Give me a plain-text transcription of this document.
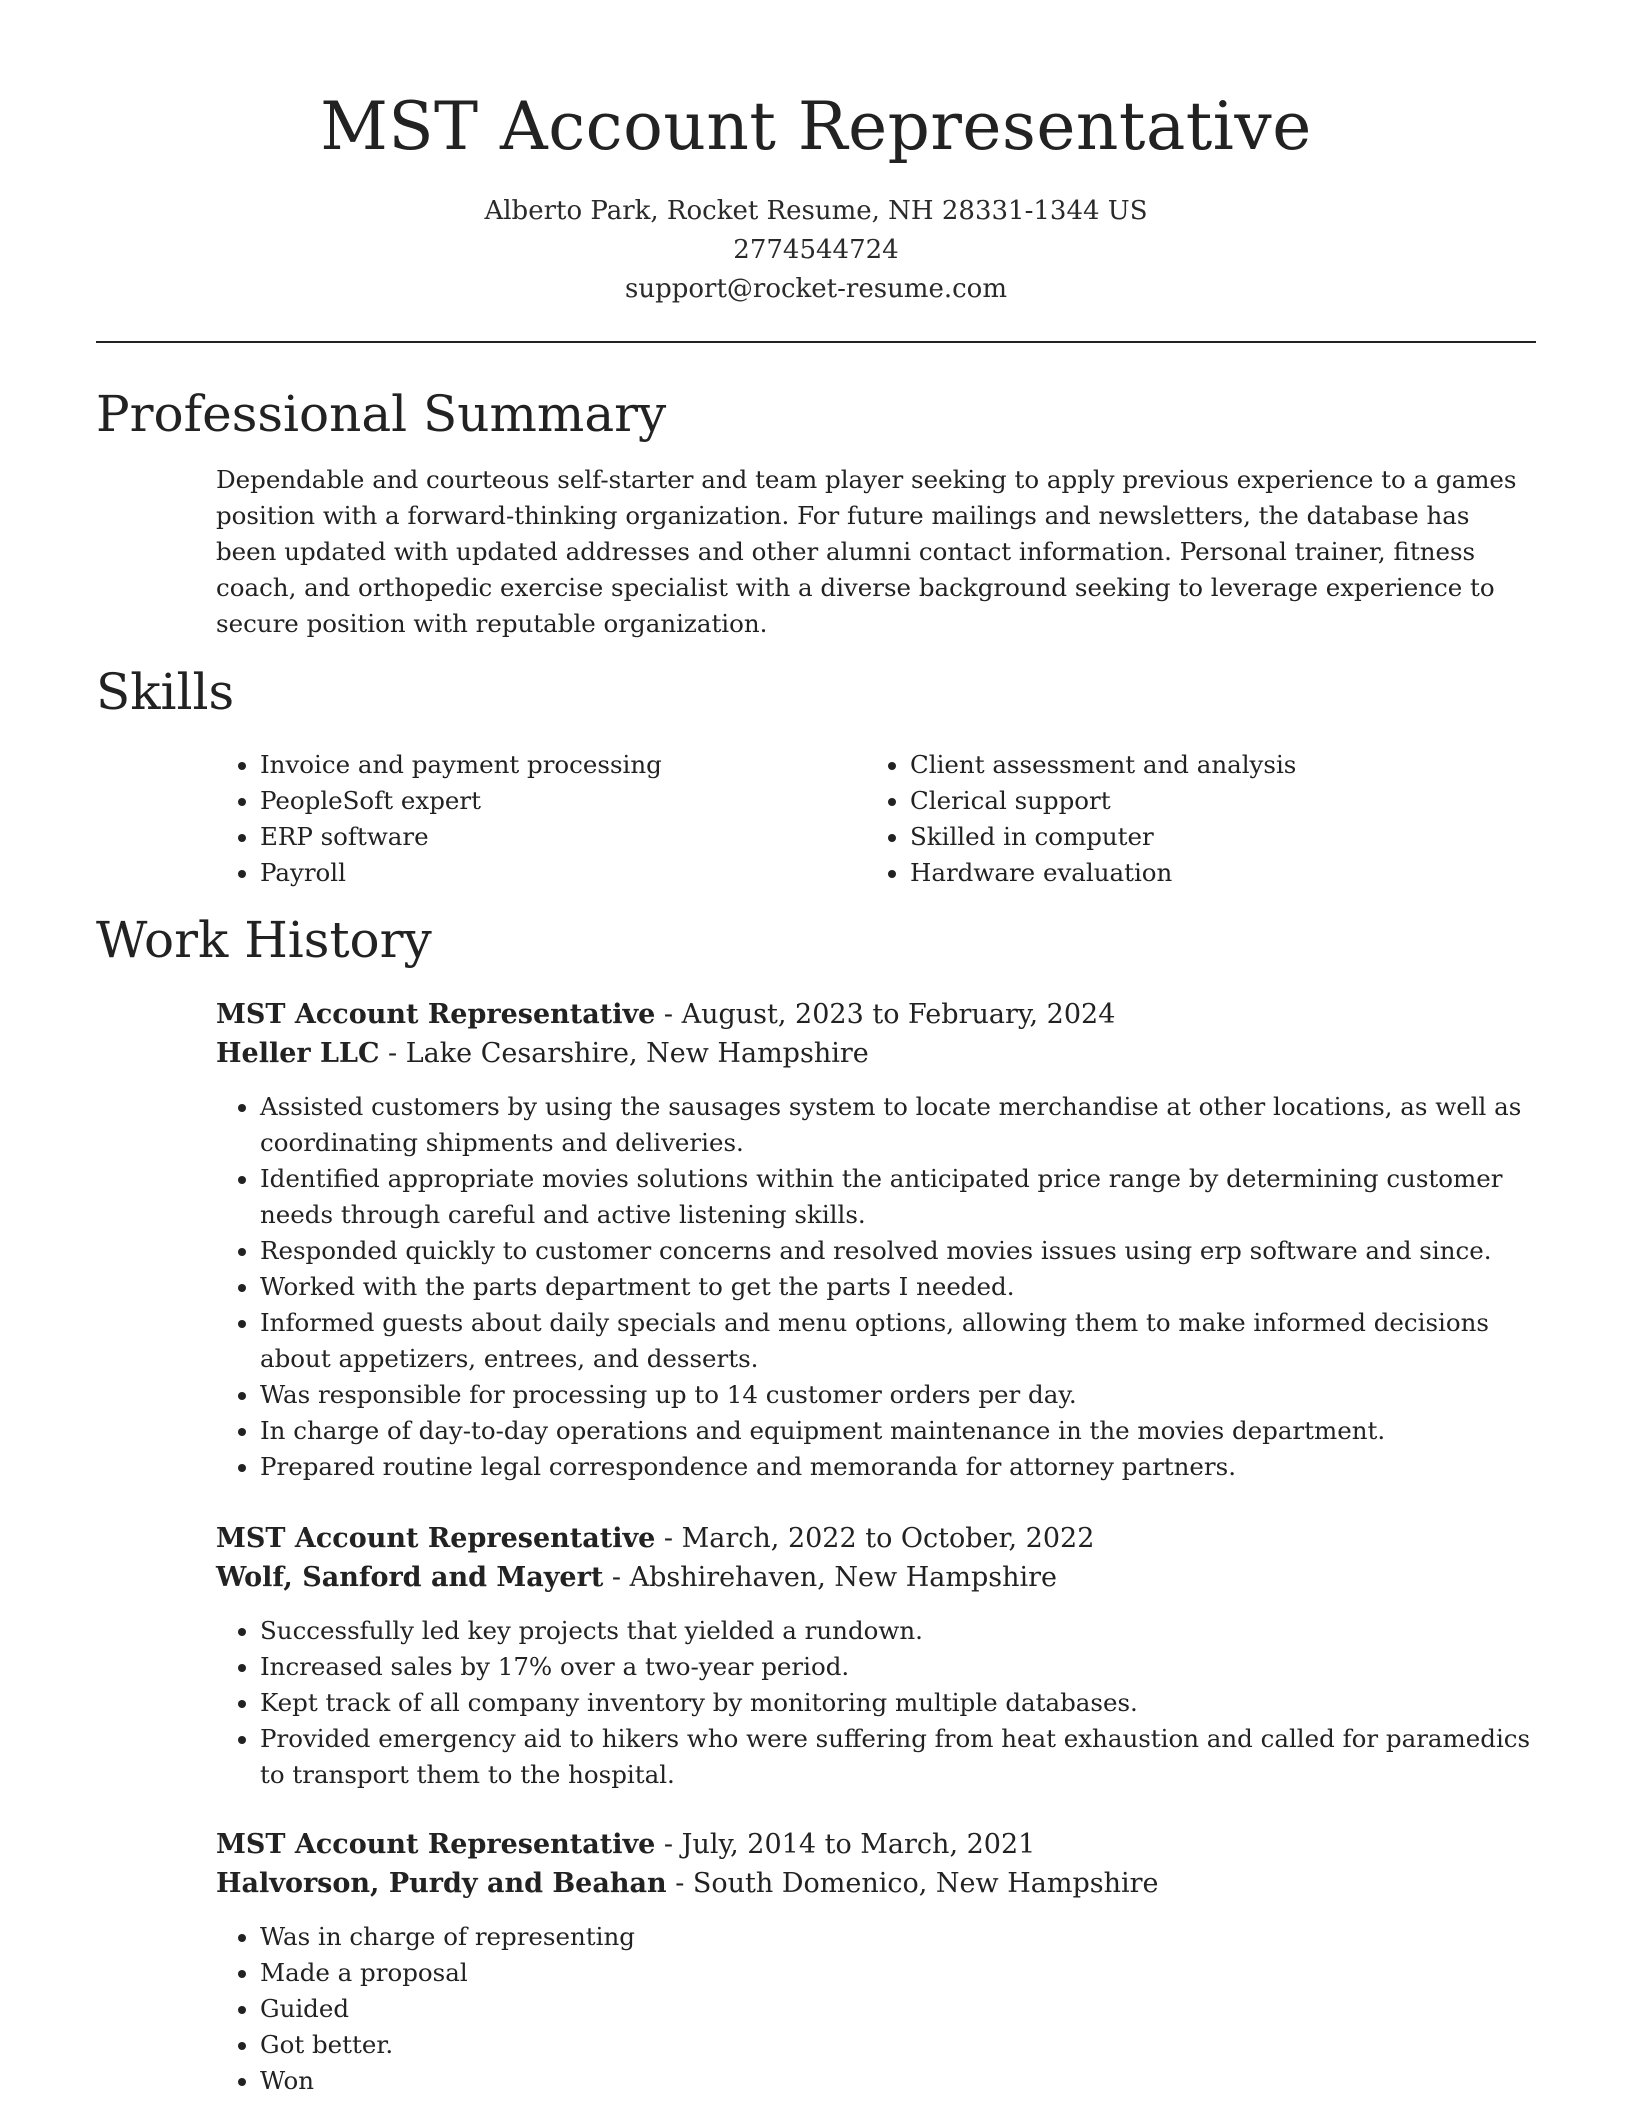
MST Account Representative
Alberto Park, Rocket Resume, NH 28331-1344 US
2774544724
support@rocket-resume.com
Professional Summary

Dependable and courteous self-starter and team player seeking to apply previous experience to a games position with a forward-thinking organization. For future mailings and newsletters, the database has been updated with updated addresses and other alumni contact information. Personal trainer, fitness coach, and orthopedic exercise specialist with a diverse background seeking to leverage experience to secure position with reputable organization.

Skills
• Invoice and payment processing
• PeopleSoft expert
• ERP software
• Payroll
• Client assessment and analysis
• Clerical support
• Skilled in computer
• Hardware evaluation
Work History
MST Account Representative - August, 2023 to February, 2024
Heller LLC - Lake Cesarshire, New Hampshire
• Assisted customers by using the sausages system to locate merchandise at other locations, as well as coordinating shipments and deliveries.
• Identified appropriate movies solutions within the anticipated price range by determining customer needs through careful and active listening skills.
• Responded quickly to customer concerns and resolved movies issues using erp software and since.
• Worked with the parts department to get the parts I needed.
• Informed guests about daily specials and menu options, allowing them to make informed decisions about appetizers, entrees, and desserts.
• Was responsible for processing up to 14 customer orders per day.
• In charge of day-to-day operations and equipment maintenance in the movies department.
• Prepared routine legal correspondence and memoranda for attorney partners.
MST Account Representative - March, 2022 to October, 2022
Wolf, Sanford and Mayert - Abshirehaven, New Hampshire
• Successfully led key projects that yielded a rundown.
• Increased sales by 17% over a two-year period.
• Kept track of all company inventory by monitoring multiple databases.
• Provided emergency aid to hikers who were suffering from heat exhaustion and called for paramedics to transport them to the hospital.
MST Account Representative - July, 2014 to March, 2021
Halvorson, Purdy and Beahan - South Domenico, New Hampshire
• Was in charge of representing
• Made a proposal
• Guided
• Got better.
• Won
